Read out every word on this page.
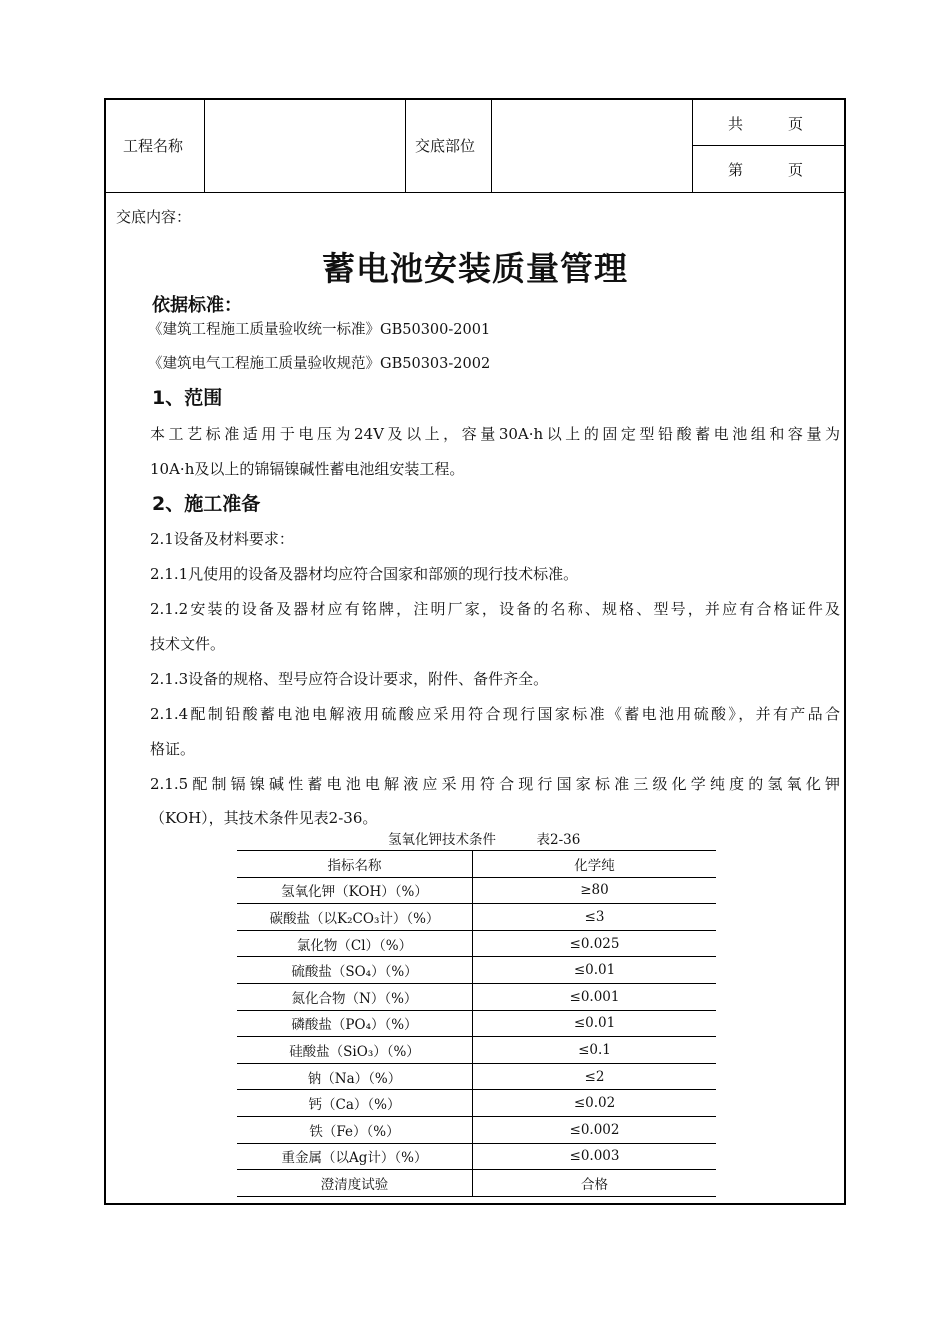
工程名称	交底部位
共　　　页
第　　　页
交底内容：
蓄电池安装质量管理
依据标准：
《建筑工程施工质量验收统一标准》GB50300-2001
《建筑电气工程施工质量验收规范》GB50303-2002
1、范围
本工艺标准适用于电压为24V及以上，容量30A·h以上的固定型铅酸蓄电池组和容量为
10A·h及以上的锦镉镍碱性蓄电池组安装工程。
2、施工准备
2.1设备及材料要求：
2.1.1凡使用的设备及器材均应符合国家和部颁的现行技术标准。
2.1.2安装的设备及器材应有铭牌，注明厂家，设备的名称、规格、型号，并应有合格证件及
技术文件。
2.1.3设备的规格、型号应符合设计要求，附件、备件齐全。
2.1.4配制铅酸蓄电池电解液用硫酸应采用符合现行国家标准《蓄电池用硫酸》，并有产品合
格证。
2.1.5配制镉镍碱性蓄电池电解液应采用符合现行国家标准三级化学纯度的氢氧化钾
（KOH），其技术条件见表2-36。
氢氧化钾技术条件　　　表2-36
指标名称	化学纯
氢氧化钾（KOH）（%）	≥80
碳酸盐（以K₂CO₃计）（%）	≤3
氯化物（Cl）（%）	≤0.025
硫酸盐（SO₄）（%）	≤0.01
氮化合物（N）（%）	≤0.001
磷酸盐（PO₄）（%）	≤0.01
硅酸盐（SiO₃）（%）	≤0.1
钠（Na）（%）	≤2
钙（Ca）（%）	≤0.02
铁（Fe）（%）	≤0.002
重金属（以Ag计）（%）	≤0.003
澄清度试验	合格
